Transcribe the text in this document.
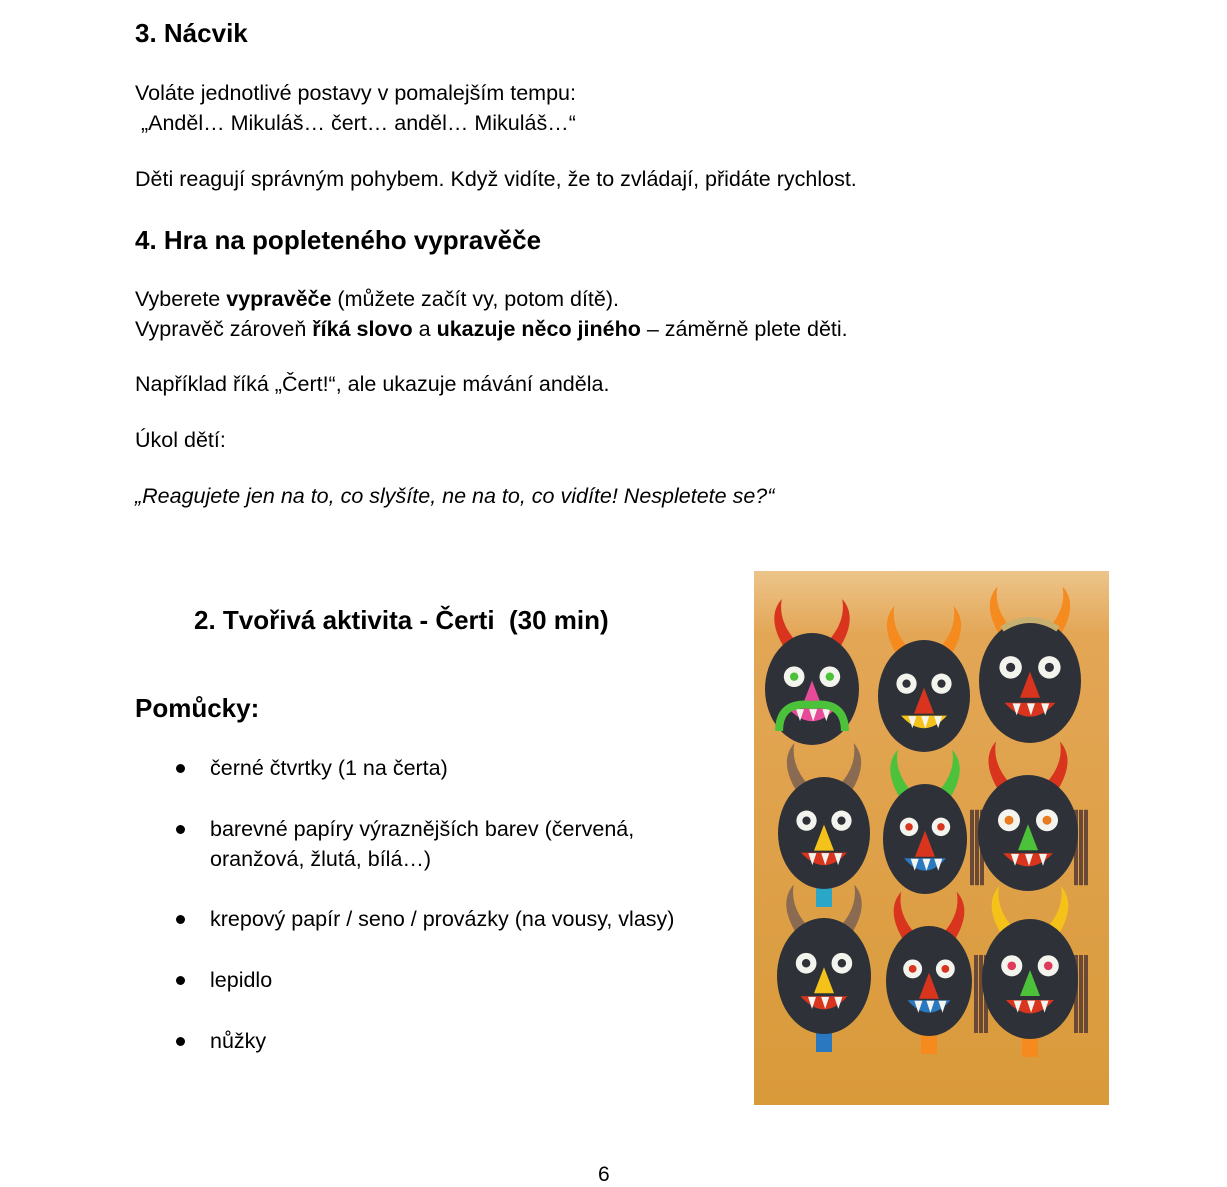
3. Nácvik
Voláte jednotlivé postavy v pomalejším tempu:
„Anděl… Mikuláš… čert… anděl… Mikuláš…“
Děti reagují správným pohybem. Když vidíte, že to zvládají, přidáte rychlost.
4. Hra na popleteného vypravěče
Vyberete vypravěče (můžete začít vy, potom dítě).
Vypravěč zároveň říká slovo a ukazuje něco jiného – záměrně plete děti.
Například říká „Čert!“, ale ukazuje mávání anděla.
Úkol dětí:
„Reagujete jen na to, co slyšíte, ne na to, co vidíte! Nespletete se?“
2. Tvořivá aktivita - Čerti  (30 min)
Pomůcky:
černé čtvrtky (1 na čerta)
barevné papíry výraznějších barev (červená,
oranžová, žlutá, bílá…)
krepový papír / seno / provázky (na vousy, vlasy)
lepidlo
nůžky
6
